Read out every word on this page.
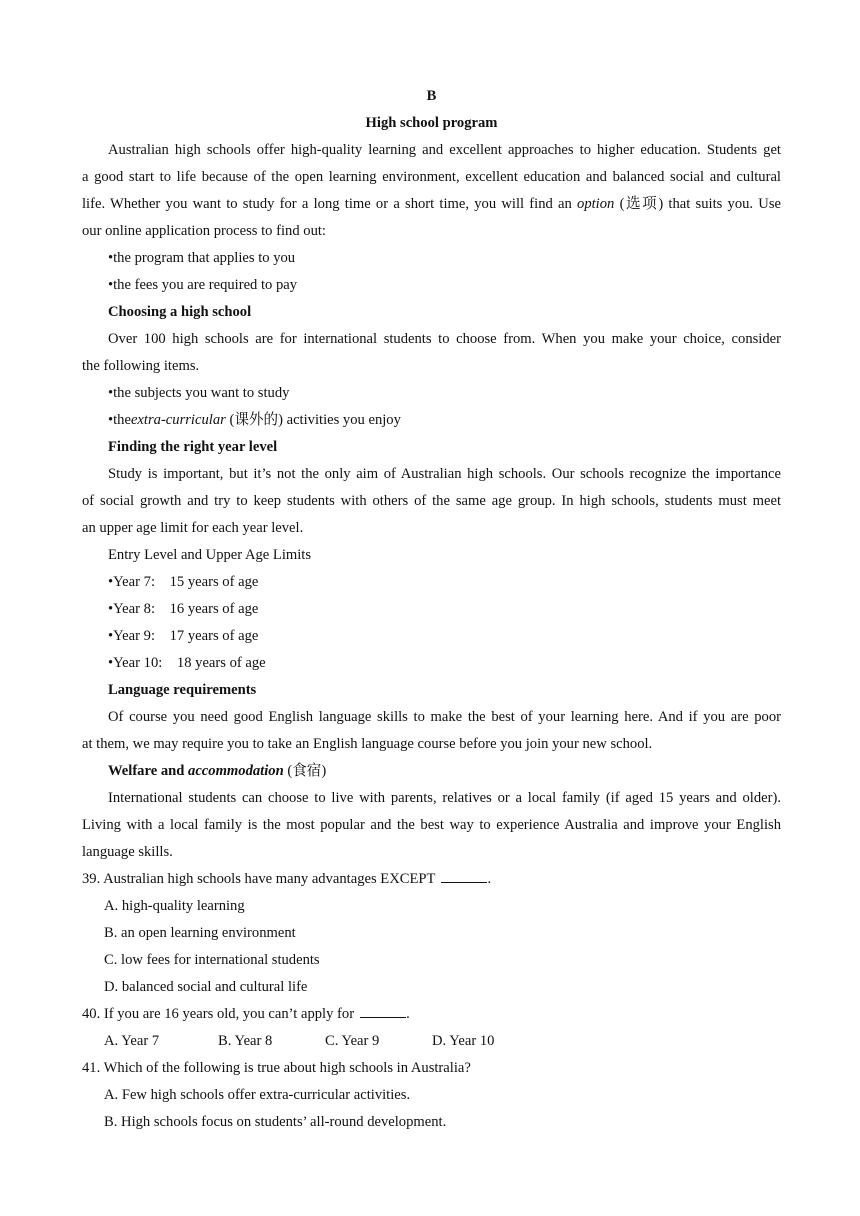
B
High school program
Australian high schools offer high-quality learning and excellent approaches to higher education. Students get
a good start to life because of the open learning environment, excellent education and balanced social and cultural
life. Whether you want to study for a long time or a short time, you will find an option (选项) that suits you. Use
our online application process to find out:
•the program that applies to you
•the fees you are required to pay
Choosing a high school
Over 100 high schools are for international students to choose from. When you make your choice, consider
the following items.
•the subjects you want to study
•theextra-curricular (课外的) activities you enjoy
Finding the right year level
Study is important, but it’s not the only aim of Australian high schools. Our schools recognize the importance
of social growth and try to keep students with others of the same age group. In high schools, students must meet
an upper age limit for each year level.
Entry Level and Upper Age Limits
•Year 7: 15 years of age
•Year 8: 16 years of age
•Year 9: 17 years of age
•Year 10: 18 years of age
Language requirements
Of course you need good English language skills to make the best of your learning here. And if you are poor
at them, we may require you to take an English language course before you join your new school.
Welfare and accommodation (食宿)
International students can choose to live with parents, relatives or a local family (if aged 15 years and older).
Living with a local family is the most popular and the best way to experience Australia and improve your English
language skills.
39. Australian high schools have many advantages EXCEPT	.
A. high-quality learning
B. an open learning environment
C. low fees for international students
D. balanced social and cultural life
40. If you are 16 years old, you can’t apply for	.
A. Year 7	B. Year 8	C. Year 9	D. Year 10
41. Which of the following is true about high schools in Australia?
A. Few high schools offer extra-curricular activities.
B. High schools focus on students’ all-round development.
